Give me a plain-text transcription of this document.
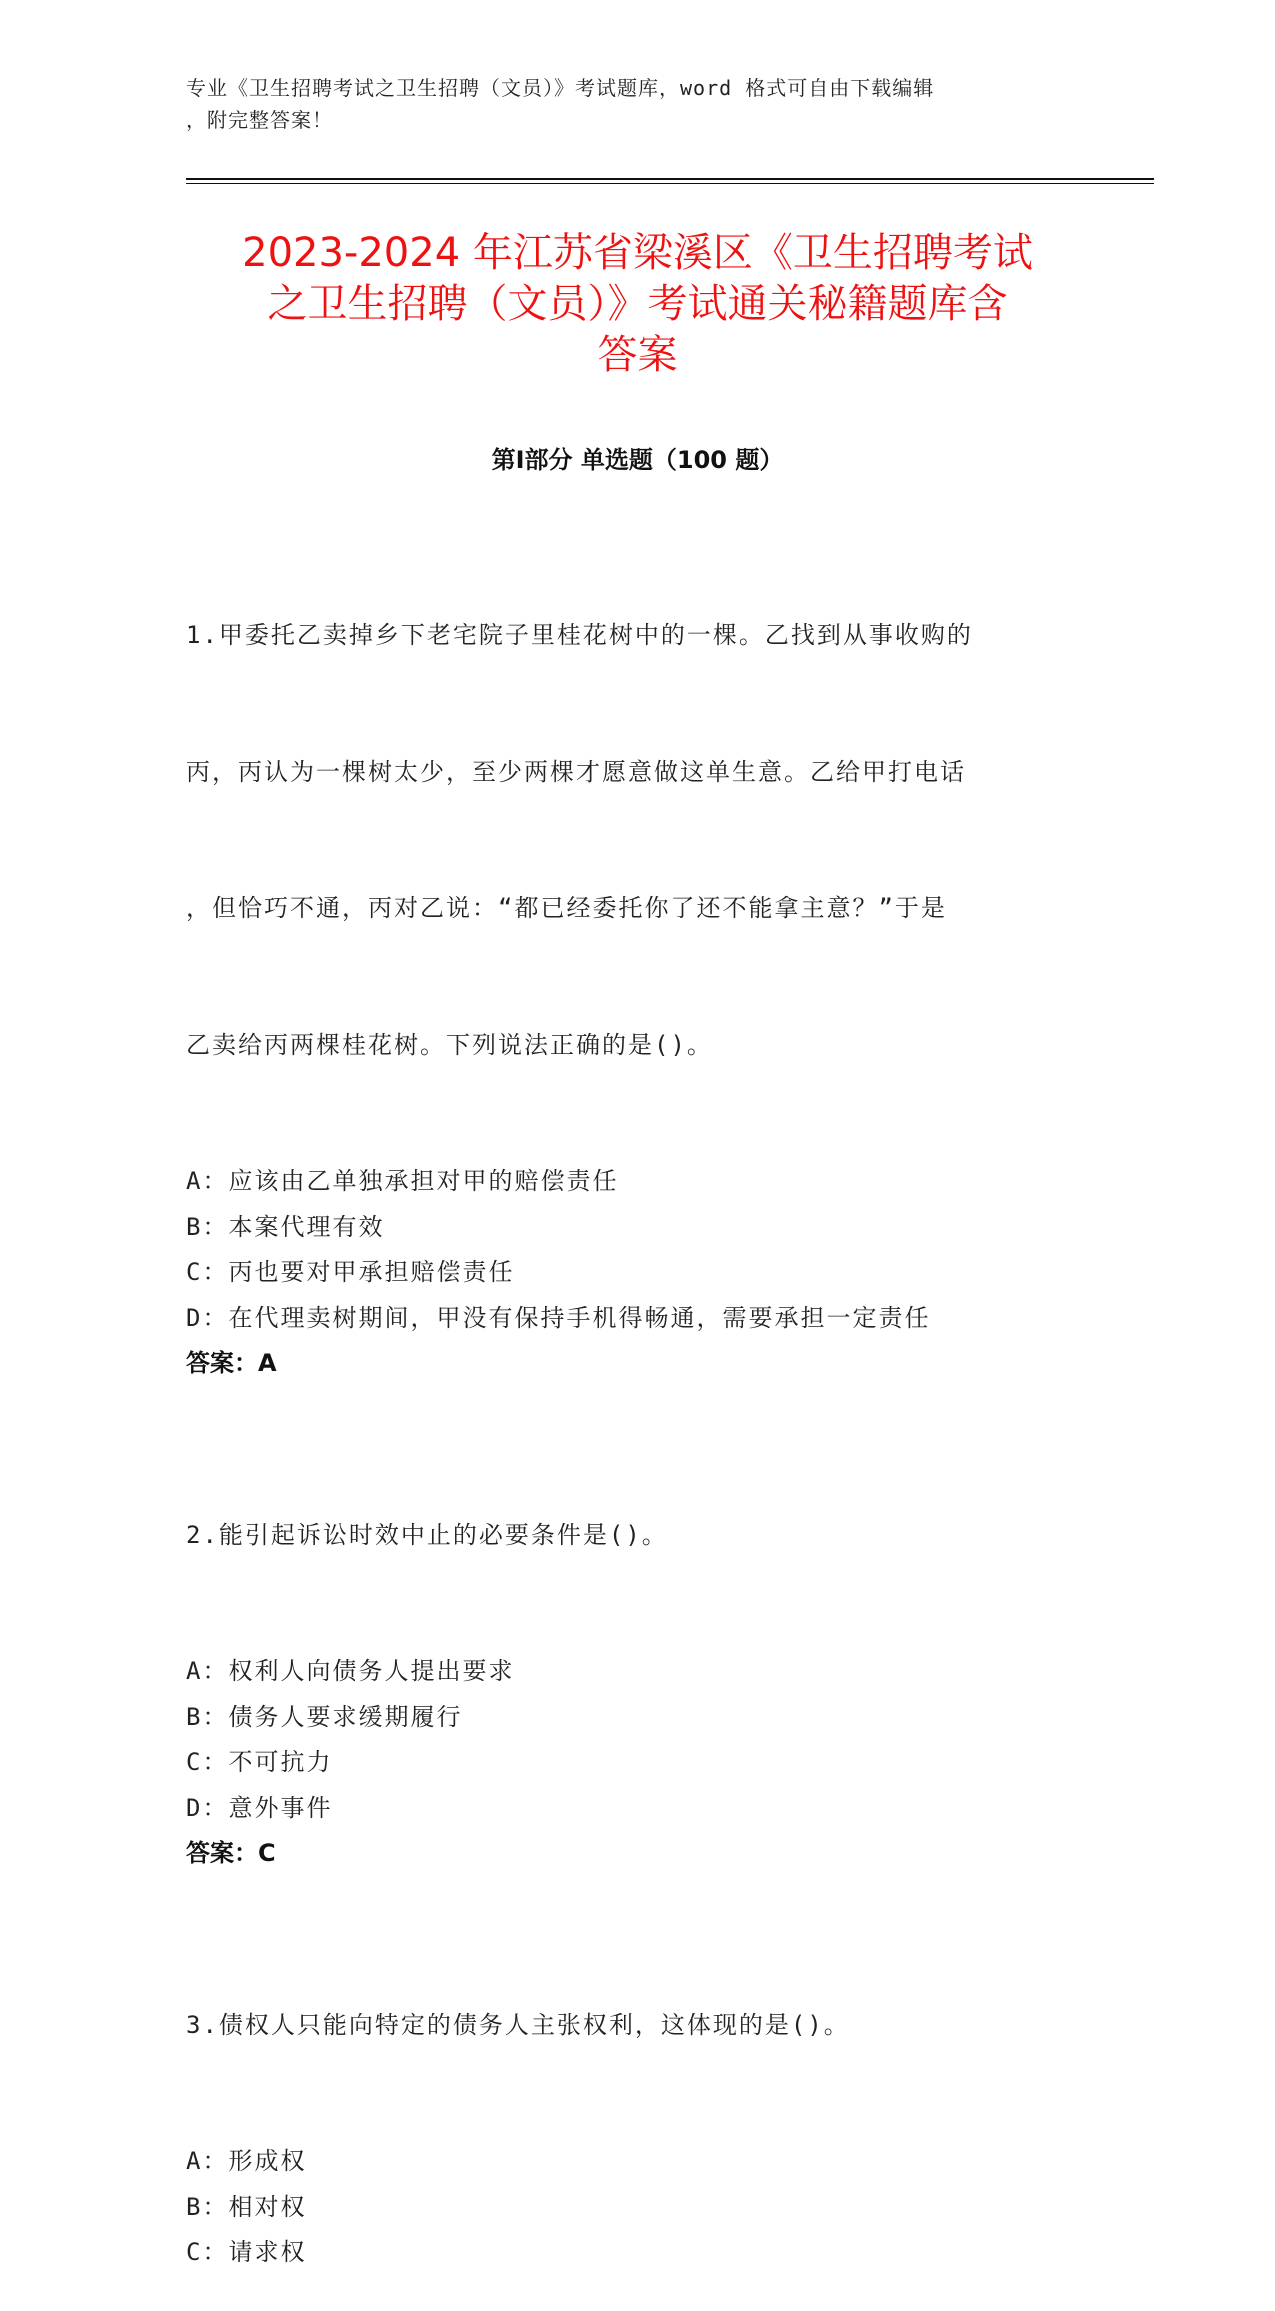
专业《卫生招聘考试之卫生招聘（文员）》考试题库，word 格式可自由下载编辑
，附完整答案！
2023-2024 年江苏省梁溪区《卫生招聘考试
之卫生招聘（文员）》考试通关秘籍题库含
答案
第Ⅰ部分 单选题（100 题）

1.甲委托乙卖掉乡下老宅院子里桂花树中的一棵。乙找到从事收购的

丙，丙认为一棵树太少，至少两棵才愿意做这单生意。乙给甲打电话

，但恰巧不通，丙对乙说：“都已经委托你了还不能拿主意？”于是

乙卖给丙两棵桂花树。下列说法正确的是()。

A：应该由乙单独承担对甲的赔偿责任
B：本案代理有效
C：丙也要对甲承担赔偿责任
D：在代理卖树期间，甲没有保持手机得畅通，需要承担一定责任
答案：A

2.能引起诉讼时效中止的必要条件是()。

A：权利人向债务人提出要求
B：债务人要求缓期履行
C：不可抗力
D：意外事件
答案：C

3.债权人只能向特定的债务人主张权利，这体现的是()。

A：形成权
B：相对权
C：请求权
